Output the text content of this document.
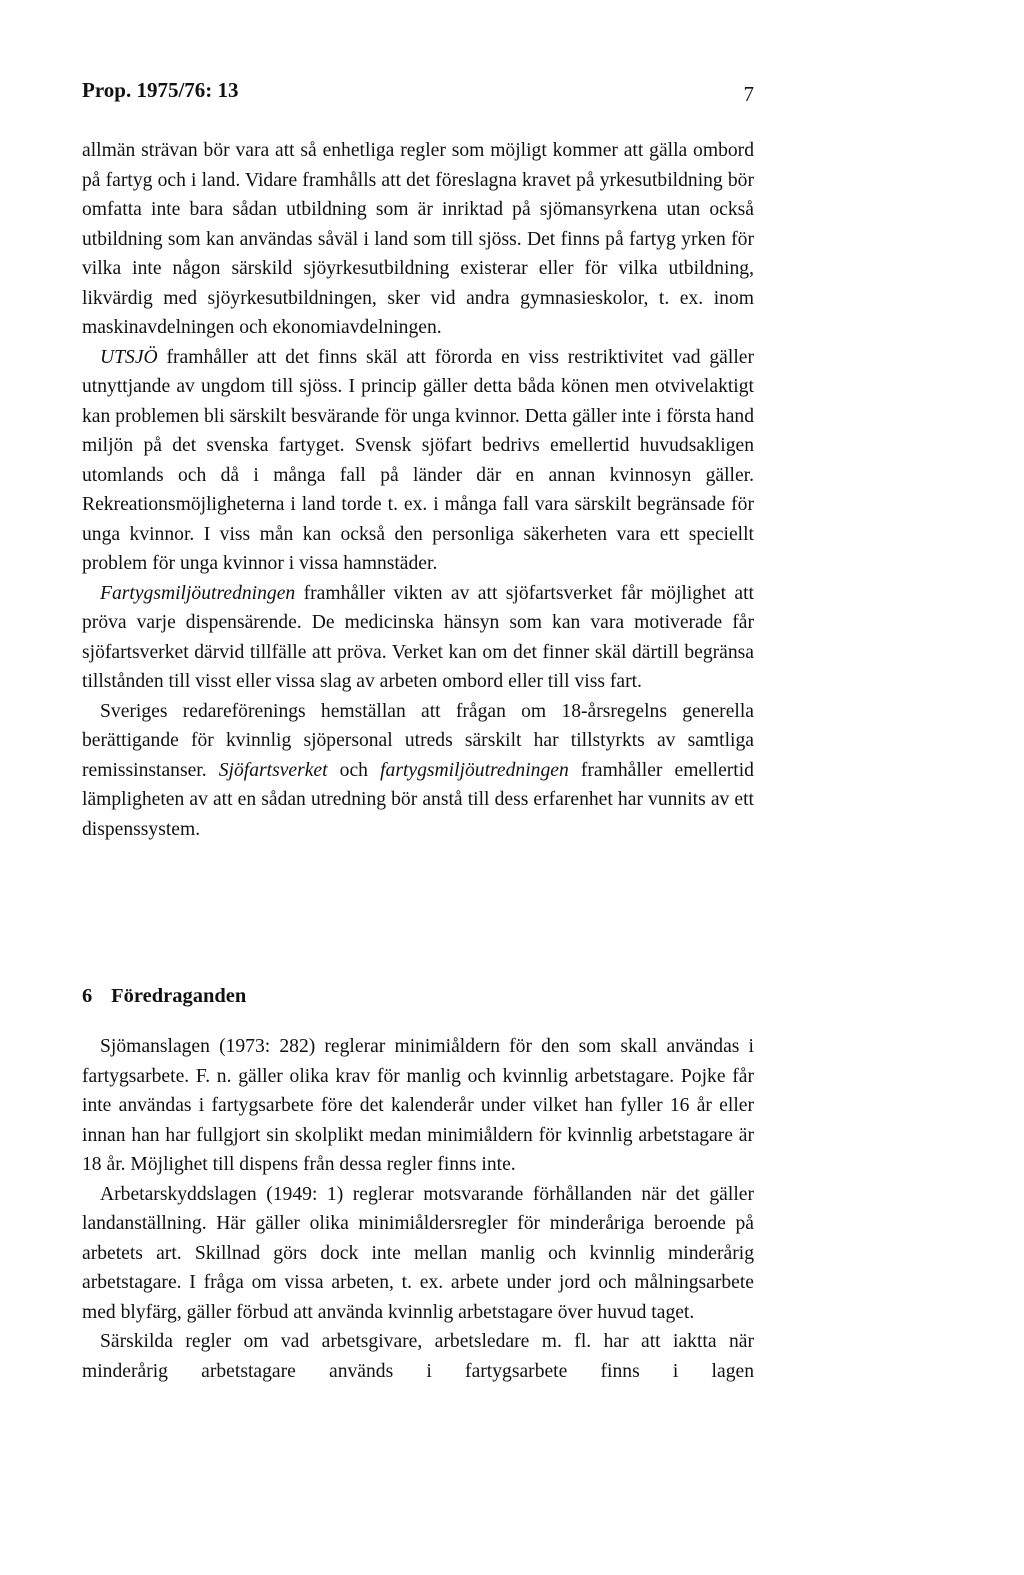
Prop. 1975/76: 13	7

allmän strävan bör vara att så enhetliga regler som möjligt kommer att gälla ombord på fartyg och i land. Vidare framhålls att det föreslagna kravet på yrkesutbildning bör omfatta inte bara sådan utbildning som är inriktad på sjömansyrkena utan också utbildning som kan användas såväl i land som till sjöss. Det finns på fartyg yrken för vilka inte någon särskild sjöyrkesutbildning existerar eller för vilka utbildning, likvärdig med sjöyrkesutbildningen, sker vid andra gymnasieskolor, t. ex. inom maskinavdelningen och ekonomiavdelningen.

UTSJÖ framhåller att det finns skäl att förorda en viss restriktivitet vad gäller utnyttjande av ungdom till sjöss. I princip gäller detta båda könen men otvivelaktigt kan problemen bli särskilt besvärande för unga kvinnor. Detta gäller inte i första hand miljön på det svenska fartyget. Svensk sjöfart bedrivs emellertid huvudsakligen utomlands och då i många fall på länder där en annan kvinnosyn gäller. Rekreationsmöjligheterna i land torde t. ex. i många fall vara särskilt begränsade för unga kvinnor. I viss mån kan också den personliga säkerheten vara ett speciellt problem för unga kvinnor i vissa hamnstäder.

Fartygsmiljöutredningen framhåller vikten av att sjöfartsverket får möjlighet att pröva varje dispensärende. De medicinska hänsyn som kan vara motiverade får sjöfartsverket därvid tillfälle att pröva. Verket kan om det finner skäl därtill begränsa tillstånden till visst eller vissa slag av arbeten ombord eller till viss fart.

Sveriges redareförenings hemställan att frågan om 18-årsregelns generella berättigande för kvinnlig sjöpersonal utreds särskilt har tillstyrkts av samtliga remissinstanser. Sjöfartsverket och fartygsmiljöutredningen framhåller emellertid lämpligheten av att en sådan utredning bör anstå till dess erfarenhet har vunnits av ett dispenssystem.

6 Föredraganden

Sjömanslagen (1973: 282) reglerar minimiåldern för den som skall användas i fartygsarbete. F. n. gäller olika krav för manlig och kvinnlig arbetstagare. Pojke får inte användas i fartygsarbete före det kalenderår under vilket han fyller 16 år eller innan han har fullgjort sin skolplikt medan minimiåldern för kvinnlig arbetstagare är 18 år. Möjlighet till dispens från dessa regler finns inte.

Arbetarskyddslagen (1949: 1) reglerar motsvarande förhållanden när det gäller landanställning. Här gäller olika minimiåldersregler för minderåriga beroende på arbetets art. Skillnad görs dock inte mellan manlig och kvinnlig minderårig arbetstagare. I fråga om vissa arbeten, t. ex. arbete under jord och målningsarbete med blyfärg, gäller förbud att använda kvinnlig arbetstagare över huvud taget.

Särskilda regler om vad arbetsgivare, arbetsledare m. fl. har att iaktta när minderårig arbetstagare används i fartygsarbete finns i lagen
